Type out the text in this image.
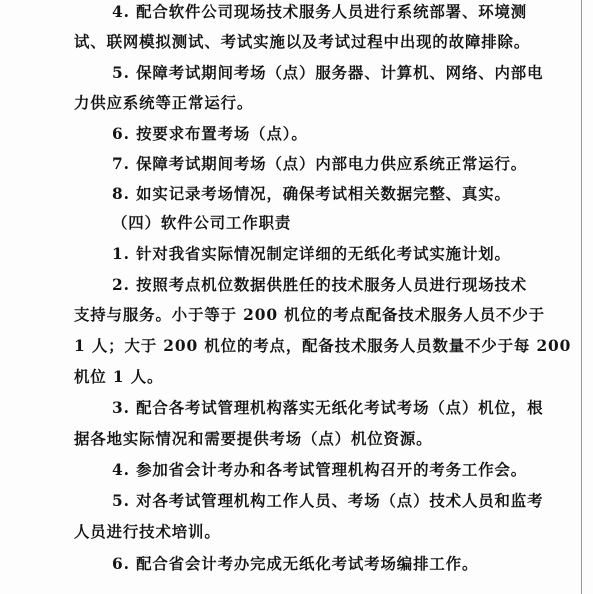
4. 配合软件公司现场技术服务人员进行系统部署、环境测
试、联网模拟测试、考试实施以及考试过程中出现的故障排除。
5. 保障考试期间考场（点）服务器、计算机、网络、内部电
力供应系统等正常运行。
6. 按要求布置考场（点）。
7. 保障考试期间考场（点）内部电力供应系统正常运行。
8. 如实记录考场情况，确保考试相关数据完整、真实。
（四）软件公司工作职责
1. 针对我省实际情况制定详细的无纸化考试实施计划。
2. 按照考点机位数据供胜任的技术服务人员进行现场技术
支持与服务。小于等于 200 机位的考点配备技术服务人员不少于
1 人；大于 200 机位的考点，配备技术服务人员数量不少于每 200
机位 1 人。
3. 配合各考试管理机构落实无纸化考试考场（点）机位，根
据各地实际情况和需要提供考场（点）机位资源。
4. 参加省会计考办和各考试管理机构召开的考务工作会。
5. 对各考试管理机构工作人员、考场（点）技术人员和监考
人员进行技术培训。
6. 配合省会计考办完成无纸化考试考场编排工作。
